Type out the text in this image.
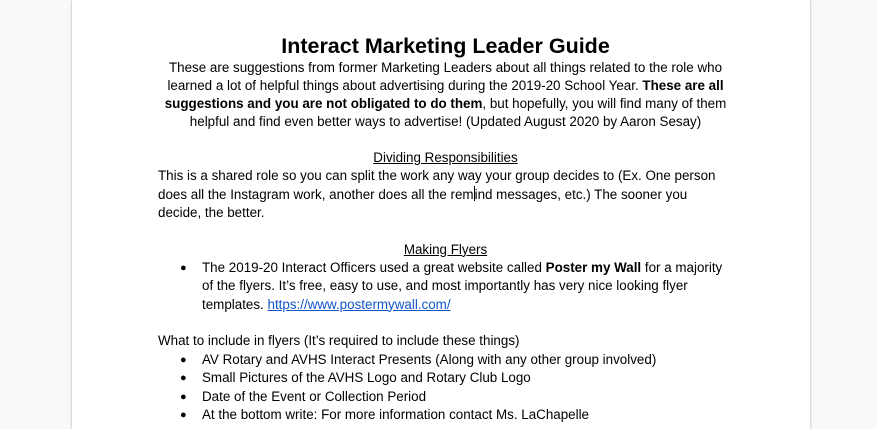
Interact Marketing Leader Guide

These are suggestions from former Marketing Leaders about all things related to the role who learned a lot of helpful things about advertising during the 2019-20 School Year. These are all suggestions and you are not obligated to do them, but hopefully, you will find many of them helpful and find even better ways to advertise! (Updated August 2020 by Aaron Sesay)

Dividing Responsibilities

This is a shared role so you can split the work any way your group decides to (Ex. One person does all the Instagram work, another does all the remind messages, etc.) The sooner you decide, the better.

Making Flyers

● The 2019-20 Interact Officers used a great website called Poster my Wall for a majority of the flyers. It’s free, easy to use, and most importantly has very nice looking flyer templates. https://www.postermywall.com/

What to include in flyers (It’s required to include these things)

● AV Rotary and AVHS Interact Presents (Along with any other group involved)
● Small Pictures of the AVHS Logo and Rotary Club Logo
● Date of the Event or Collection Period
● At the bottom write: For more information contact Ms. LaChapelle
